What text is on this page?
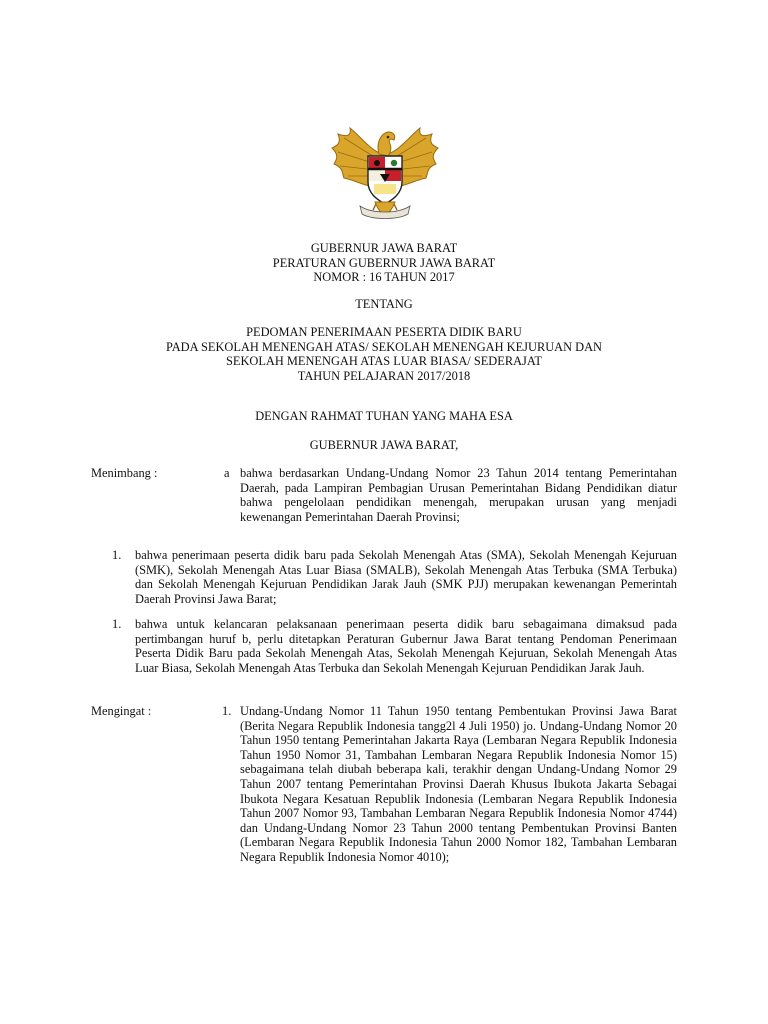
GUBERNUR JAWA BARAT
PERATURAN GUBERNUR JAWA BARAT
NOMOR : 16 TAHUN 2017
TENTANG
PEDOMAN PENERIMAAN PESERTA DIDIK BARU
PADA SEKOLAH MENENGAH ATAS/ SEKOLAH MENENGAH KEJURUAN DAN
SEKOLAH MENENGAH ATAS LUAR BIASA/ SEDERAJAT
TAHUN PELAJARAN 2017/2018
DENGAN RAHMAT TUHAN YANG MAHA ESA
GUBERNUR JAWA BARAT,
Menimbang :	a bahwa berdasarkan Undang-Undang Nomor 23 Tahun 2014 tentang Pemerintahan Daerah, pada Lampiran Pembagian Urusan Pemerintahan Bidang Pendidikan diatur bahwa pengelolaan pendidikan menengah, merupakan urusan yang menjadi kewenangan Pemerintahan Daerah Provinsi;
1. bahwa penerimaan peserta didik baru pada Sekolah Menengah Atas (SMA), Sekolah Menengah Kejuruan (SMK), Sekolah Menengah Atas Luar Biasa (SMALB), Sekolah Menengah Atas Terbuka (SMA Terbuka) dan Sekolah Menengah Kejuruan Pendidikan Jarak Jauh (SMK PJJ) merupakan kewenangan Pemerintah Daerah Provinsi Jawa Barat;
1. bahwa untuk kelancaran pelaksanaan penerimaan peserta didik baru sebagaimana dimaksud pada pertimbangan huruf b, perlu ditetapkan Peraturan Gubernur Jawa Barat tentang Pendoman Penerimaan Peserta Didik Baru pada Sekolah Menengah Atas, Sekolah Menengah Kejuruan, Sekolah Menengah Atas Luar Biasa, Sekolah Menengah Atas Terbuka dan Sekolah Menengah Kejuruan Pendidikan Jarak Jauh.
Mengingat :	1. Undang-Undang Nomor 11 Tahun 1950 tentang Pembentukan Provinsi Jawa Barat (Berita Negara Republik Indonesia tangg2l 4 Juli 1950) jo. Undang-Undang Nomor 20 Tahun 1950 tentang Pemerintahan Jakarta Raya (Lembaran Negara Republik Indonesia Tahun 1950 Nomor 31, Tambahan Lembaran Negara Republik Indonesia Nomor 15) sebagaimana telah diubah beberapa kali, terakhir dengan Undang-Undang Nomor 29 Tahun 2007 tentang Pemerintahan Provinsi Daerah Khusus Ibukota Jakarta Sebagai Ibukota Negara Kesatuan Republik Indonesia (Lembaran Negara Republik Indonesia Tahun 2007 Nomor 93, Tambahan Lembaran Negara Republik Indonesia Nomor 4744) dan Undang-Undang Nomor 23 Tahun 2000 tentang Pembentukan Provinsi Banten (Lembaran Negara Republik Indonesia Tahun 2000 Nomor 182, Tambahan Lembaran Negara Republik Indonesia Nomor 4010);
